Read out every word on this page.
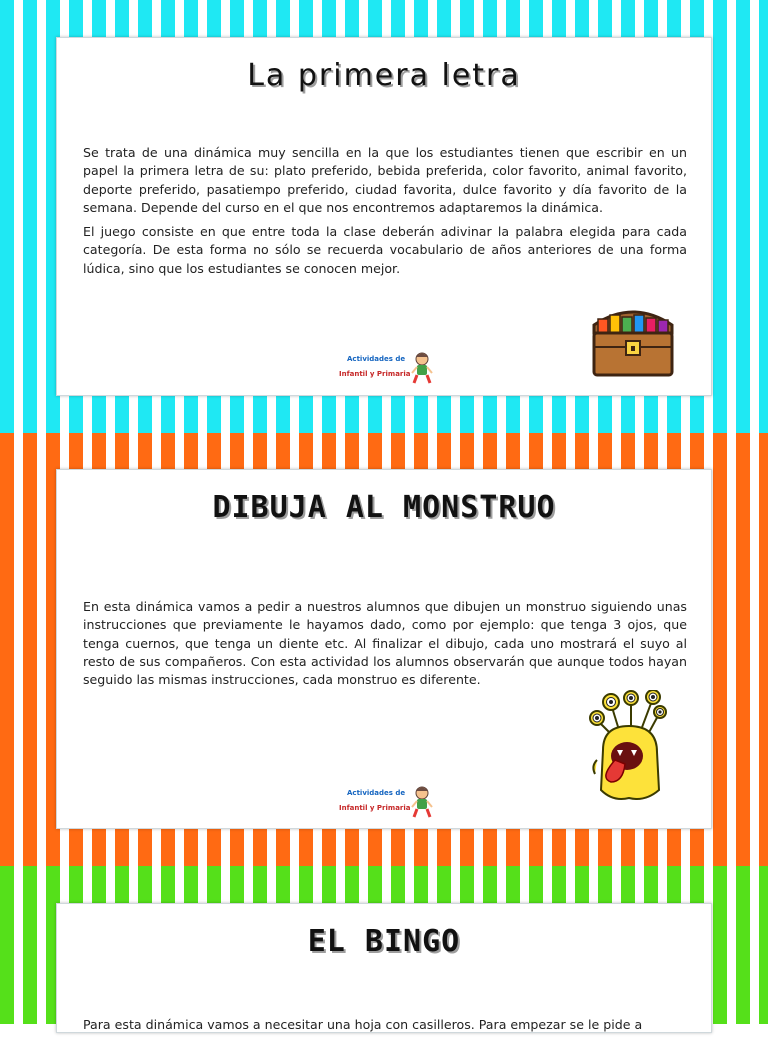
La primera letra

Se trata de una dinámica muy sencilla en la que los estudiantes tienen que escribir en un papel la primera letra de su: plato preferido, bebida preferida, color favorito, animal favorito, deporte preferido, pasatiempo preferido, ciudad favorita, dulce favorito y día favorito de la semana. Depende del curso en el que nos encontremos adaptaremos la dinámica.

El juego consiste en que entre toda la clase deberán adivinar la palabra elegida para cada categoría. De esta forma no sólo se recuerda vocabulario de años anteriores de una forma lúdica, sino que los estudiantes se conocen mejor.

Actividades de
Infantil y Primaria
DIBUJA AL MONSTRUO

En esta dinámica vamos a pedir a nuestros alumnos que dibujen un monstruo siguiendo unas instrucciones que previamente le hayamos dado, como por ejemplo: que tenga 3 ojos, que tenga cuernos, que tenga un diente etc. Al finalizar el dibujo, cada uno mostrará el suyo al resto de sus compañeros. Con esta actividad los alumnos observarán que aunque todos hayan seguido las mismas instrucciones, cada monstruo es diferente.

Actividades de
Infantil y Primaria
EL BINGO

Para esta dinámica vamos a necesitar una hoja con casilleros. Para empezar se le pide a
